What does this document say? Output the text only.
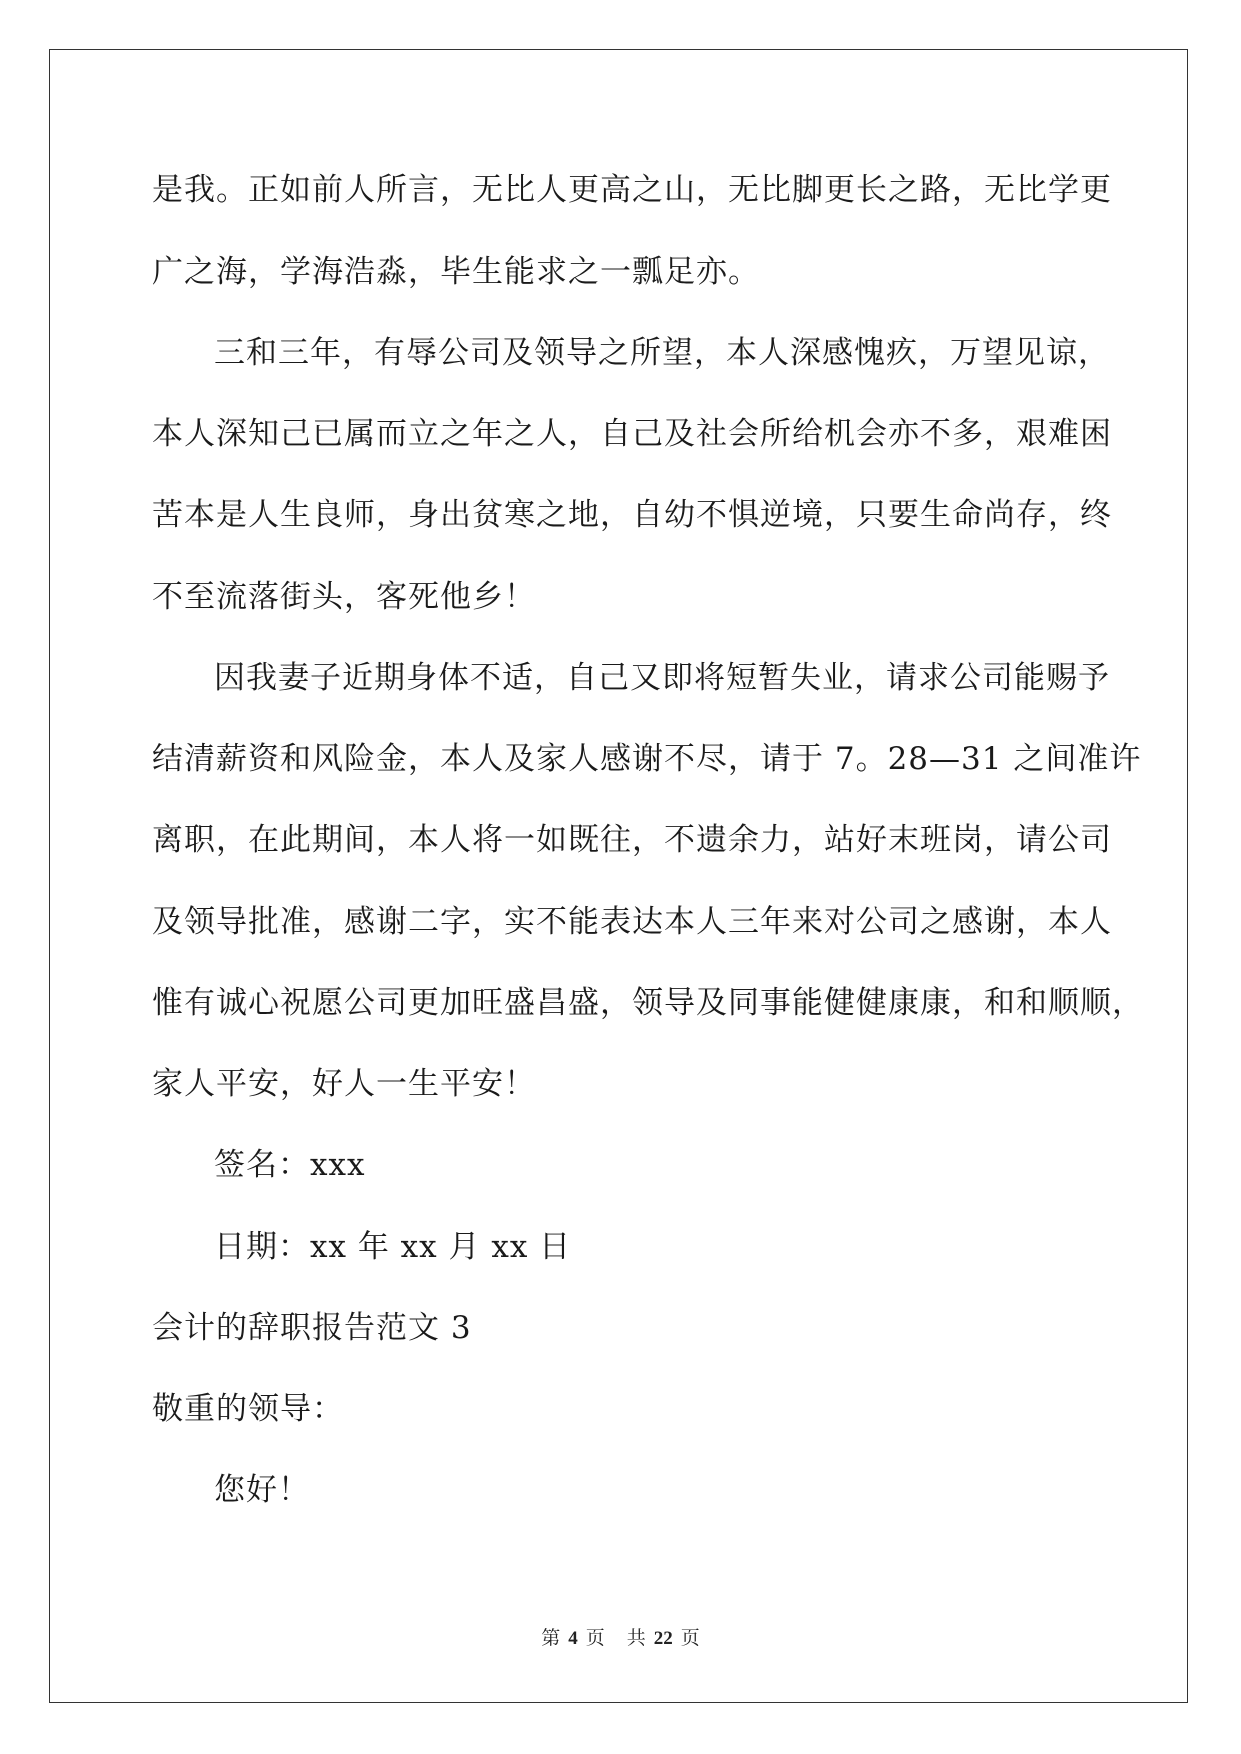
是我。正如前人所言，无比人更高之山，无比脚更长之路，无比学更
广之海，学海浩淼，毕生能求之一瓢足亦。
三和三年，有辱公司及领导之所望，本人深感愧疚，万望见谅，
本人深知己已属而立之年之人，自己及社会所给机会亦不多，艰难困
苦本是人生良师，身出贫寒之地，自幼不惧逆境，只要生命尚存，终
不至流落街头，客死他乡！
因我妻子近期身体不适，自己又即将短暂失业，请求公司能赐予
结清薪资和风险金，本人及家人感谢不尽，请于 7。28—31 之间准许
离职，在此期间，本人将一如既往，不遗余力，站好末班岗，请公司
及领导批准，感谢二字，实不能表达本人三年来对公司之感谢，本人
惟有诚心祝愿公司更加旺盛昌盛，领导及同事能健健康康，和和顺顺，
家人平安，好人一生平安！
签名：xxx
日期：xx 年 xx 月 xx 日
会计的辞职报告范文 3
敬重的领导：
您好！
第 4 页 共 22 页
